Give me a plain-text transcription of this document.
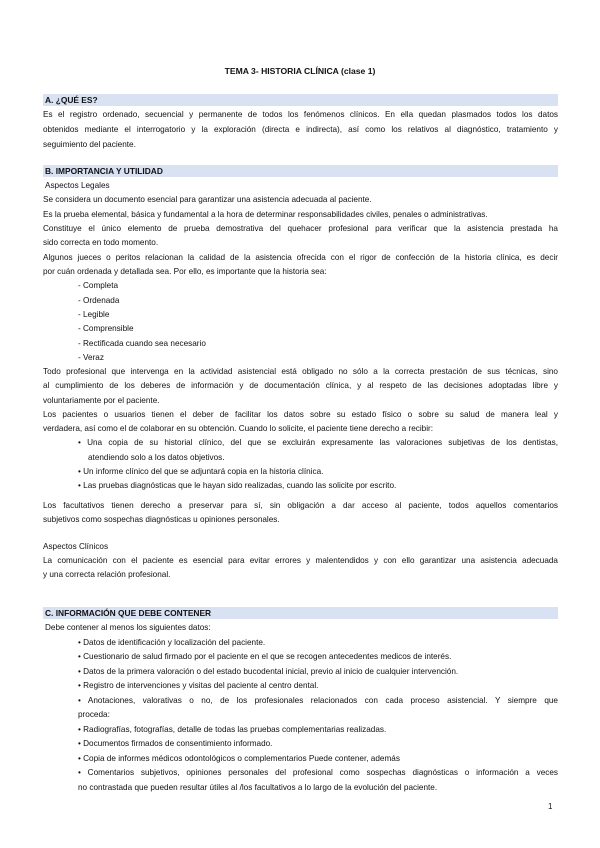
TEMA 3- HISTORIA CLÍNICA (clase 1)
A. ¿QUÉ ES?
Es el registro ordenado, secuencial y permanente de todos los fenómenos clínicos. En ella quedan plasmados todos los datos
obtenidos mediante el interrogatorio y la exploración (directa e indirecta), así como los relativos al diagnóstico, tratamiento y
seguimiento del paciente.
B. IMPORTANCIA Y UTILIDAD
Aspectos Legales
Se considera un documento esencial para garantizar una asistencia adecuada al paciente.
Es la prueba elemental, básica y fundamental a la hora de determinar responsabilidades civiles, penales o administrativas.
Constituye el único elemento de prueba demostrativa del quehacer profesional para verificar que la asistencia prestada ha
sido correcta en todo momento.
Algunos jueces o peritos relacionan la calidad de la asistencia ofrecida con el rigor de confección de la historia clínica, es decir
por cuán ordenada y detallada sea. Por ello, es importante que la historia sea:
- Completa
- Ordenada
- Legible
- Comprensible
- Rectificada cuando sea necesario
- Veraz
Todo profesional que intervenga en la actividad asistencial está obligado no sólo a la correcta prestación de sus técnicas, sino
al cumplimiento de los deberes de información y de documentación clínica, y al respeto de las decisiones adoptadas libre y
voluntariamente por el paciente.
Los pacientes o usuarios tienen el deber de facilitar los datos sobre su estado físico o sobre su salud de manera leal y
verdadera, así como el de colaborar en su obtención. Cuando lo solicite, el paciente tiene derecho a recibir:
• Una copia de su historial clínico, del que se excluirán expresamente las valoraciones subjetivas de los dentistas,
atendiendo solo a los datos objetivos.
• Un informe clínico del que se adjuntará copia en la historia clínica.
• Las pruebas diagnósticas que le hayan sido realizadas, cuando las solicite por escrito.
Los facultativos tienen derecho a preservar para sí, sin obligación a dar acceso al paciente, todos aquellos comentarios
subjetivos como sospechas diagnósticas u opiniones personales.
Aspectos Clínicos
La comunicación con el paciente es esencial para evitar errores y malentendidos y con ello garantizar una asistencia adecuada
y una correcta relación profesional.
C. INFORMACIÓN QUE DEBE CONTENER
Debe contener al menos los siguientes datos:
• Datos de identificación y localización del paciente.
• Cuestionario de salud firmado por el paciente en el que se recogen antecedentes medicos de interés.
• Datos de la primera valoración o del estado bucodental inicial, previo al inicio de cualquier intervención.
• Registro de intervenciones y visitas del paciente al centro dental.
• Anotaciones, valorativas o no, de los profesionales relacionados con cada proceso asistencial. Y siempre que
proceda:
• Radiografías, fotografías, detalle de todas las pruebas complementarias realizadas.
• Documentos firmados de consentimiento informado.
• Copia de informes médicos odontológicos o complementarios Puede contener, además
• Comentarios subjetivos, opiniones personales del profesional como sospechas diagnósticas o información a veces
no contrastada que pueden resultar útiles al /los facultativos a lo largo de la evolución del paciente.
1
